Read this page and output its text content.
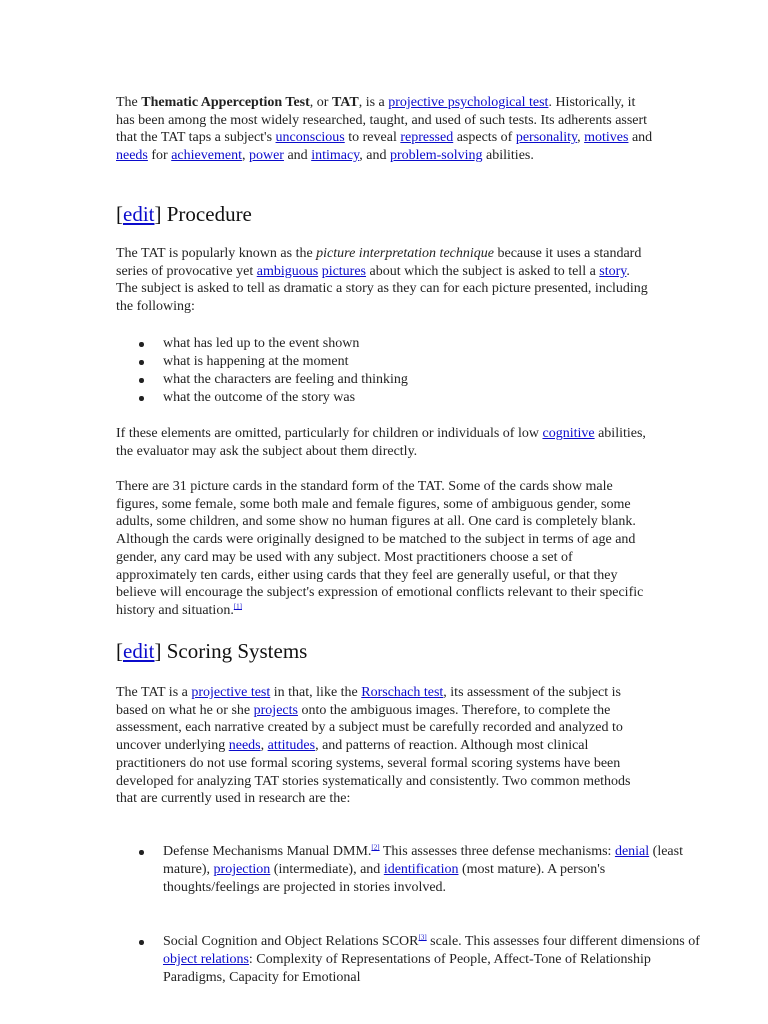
The Thematic Apperception Test, or TAT, is a projective psychological test. Historically, it has been among the most widely researched, taught, and used of such tests. Its adherents assert that the TAT taps a subject's unconscious to reveal repressed aspects of personality, motives and needs for achievement, power and intimacy, and problem-solving abilities.

[edit] Procedure

The TAT is popularly known as the picture interpretation technique because it uses a standard series of provocative yet ambiguous pictures about which the subject is asked to tell a story. The subject is asked to tell as dramatic a story as they can for each picture presented, including the following:

what has led up to the event shown
what is happening at the moment
what the characters are feeling and thinking
what the outcome of the story was

If these elements are omitted, particularly for children or individuals of low cognitive abilities, the evaluator may ask the subject about them directly.

There are 31 picture cards in the standard form of the TAT. Some of the cards show male figures, some female, some both male and female figures, some of ambiguous gender, some adults, some children, and some show no human figures at all. One card is completely blank. Although the cards were originally designed to be matched to the subject in terms of age and gender, any card may be used with any subject. Most practitioners choose a set of approximately ten cards, either using cards that they feel are generally useful, or that they believe will encourage the subject's expression of emotional conflicts relevant to their specific history and situation.[1]

[edit] Scoring Systems

The TAT is a projective test in that, like the Rorschach test, its assessment of the subject is based on what he or she projects onto the ambiguous images. Therefore, to complete the assessment, each narrative created by a subject must be carefully recorded and analyzed to uncover underlying needs, attitudes, and patterns of reaction. Although most clinical practitioners do not use formal scoring systems, several formal scoring systems have been developed for analyzing TAT stories systematically and consistently. Two common methods that are currently used in research are the:

Defense Mechanisms Manual DMM.[2] This assesses three defense mechanisms: denial (least mature), projection (intermediate), and identification (most mature). A person's thoughts/feelings are projected in stories involved.
Social Cognition and Object Relations SCOR[3] scale. This assesses four different dimensions of object relations: Complexity of Representations of People, Affect-Tone of Relationship Paradigms, Capacity for Emotional
